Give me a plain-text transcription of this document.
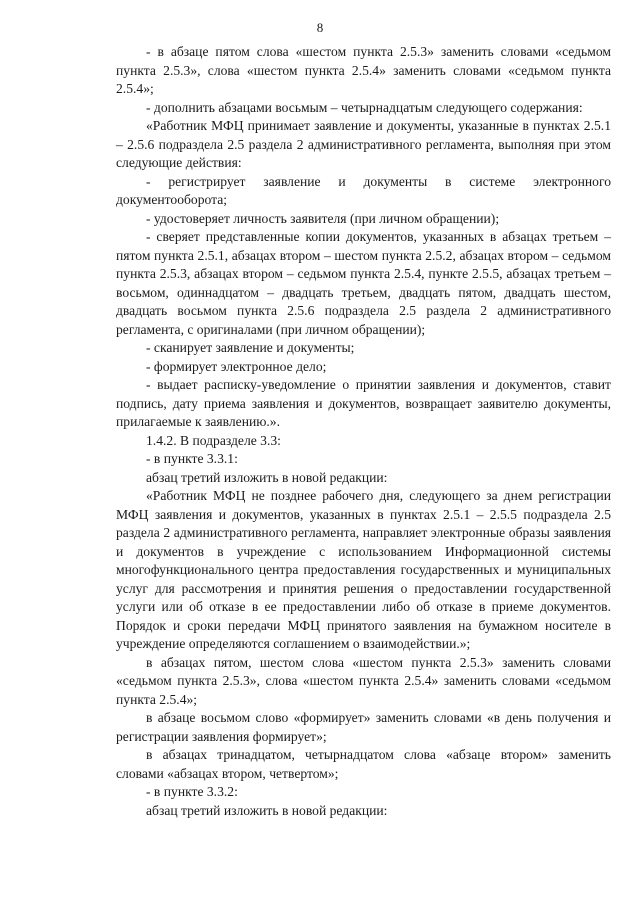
8

- в абзаце пятом слова «шестом пункта 2.5.3» заменить словами «седьмом пункта 2.5.3», слова «шестом пункта 2.5.4» заменить словами «седьмом пункта 2.5.4»;

- дополнить абзацами восьмым – четырнадцатым следующего содержания:

«Работник МФЦ принимает заявление и документы, указанные в пунктах 2.5.1 – 2.5.6 подраздела 2.5 раздела 2 административного регламента, выполняя при этом следующие действия:

- регистрирует заявление и документы в системе электронного документооборота;

- удостоверяет личность заявителя (при личном обращении);

- сверяет представленные копии документов, указанных в абзацах третьем – пятом пункта 2.5.1, абзацах втором – шестом пункта 2.5.2, абзацах втором – седьмом пункта 2.5.3, абзацах втором – седьмом пункта 2.5.4, пункте 2.5.5, абзацах третьем – восьмом, одиннадцатом – двадцать третьем, двадцать пятом, двадцать шестом, двадцать восьмом пункта 2.5.6 подраздела 2.5 раздела 2 административного регламента, с оригиналами (при личном обращении);

- сканирует заявление и документы;

- формирует электронное дело;

- выдает расписку-уведомление о принятии заявления и документов, ставит подпись, дату приема заявления и документов, возвращает заявителю документы, прилагаемые к заявлению.».

1.4.2. В подразделе 3.3:

- в пункте 3.3.1:

абзац третий изложить в новой редакции:

«Работник МФЦ не позднее рабочего дня, следующего за днем регистрации МФЦ заявления и документов, указанных в пунктах 2.5.1 – 2.5.5 подраздела 2.5 раздела 2 административного регламента, направляет электронные образы заявления и документов в учреждение с использованием Информационной системы многофункционального центра предоставления государственных и муниципальных услуг для рассмотрения и принятия решения о предоставлении государственной услуги или об отказе в ее предоставлении либо об отказе в приеме документов. Порядок и сроки передачи МФЦ принятого заявления на бумажном носителе в учреждение определяются соглашением о взаимодействии.»;

в абзацах пятом, шестом слова «шестом пункта 2.5.3» заменить словами «седьмом пункта 2.5.3», слова «шестом пункта 2.5.4» заменить словами «седьмом пункта 2.5.4»;

в абзаце восьмом слово «формирует» заменить словами «в день получения и регистрации заявления формирует»;

в абзацах тринадцатом, четырнадцатом слова «абзаце втором» заменить словами «абзацах втором, четвертом»;

- в пункте 3.3.2:

абзац третий изложить в новой редакции:
